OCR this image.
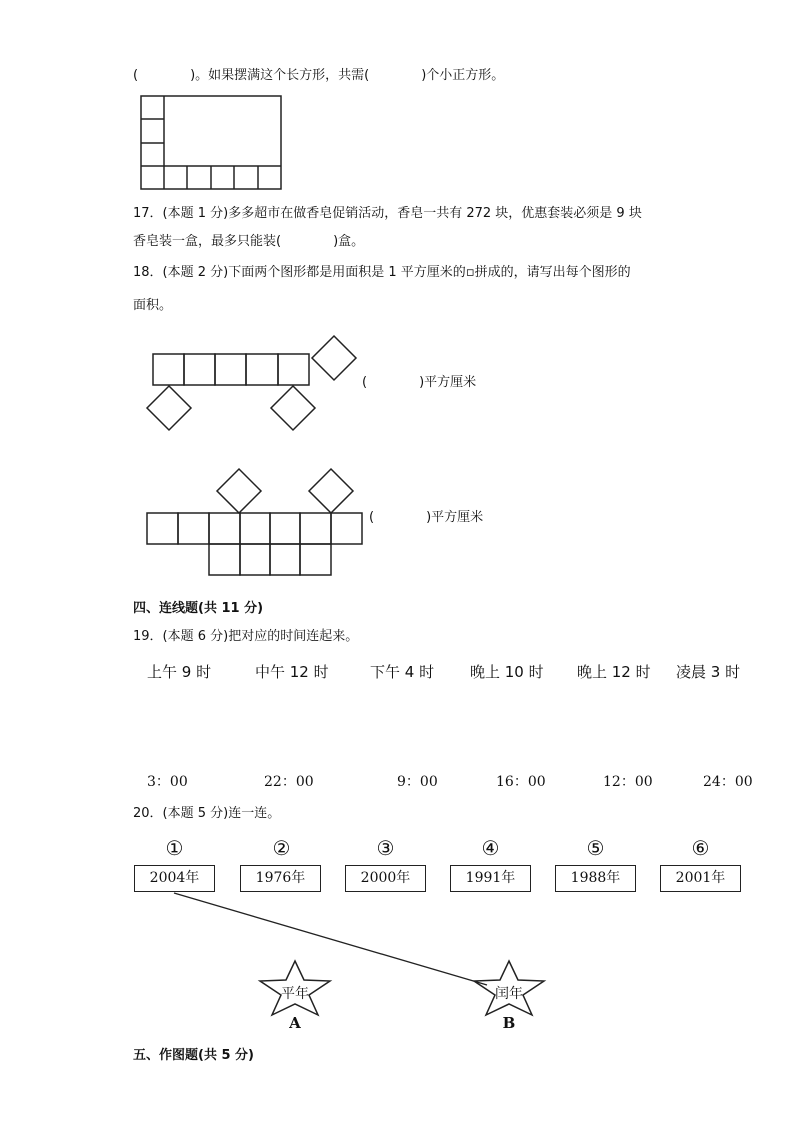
(　　　　)。如果摆满这个长方形，共需(　　　　)个小正方形。
17．(本题 1 分)多多超市在做香皂促销活动，香皂一共有 272 块，优惠套装必须是 9 块
香皂装一盒，最多只能装(　　　　)盒。
18．(本题 2 分)下面两个图形都是用面积是 1 平方厘米的▫拼成的，请写出每个图形的
面积。
(　　　　)平方厘米
(　　　　)平方厘米
四、连线题(共 11 分)
19．(本题 6 分)把对应的时间连起来。
上午 9 时	中午 12 时	下午 4 时 晚上 10 时 晚上 12 时 凌晨 3 时
3：00	22：00	9：00	16：00	12：00	24：00
20．(本题 5 分)连一连。
①	②	③	④	⑤	⑥
2004年	1976年	2000年	1991年	1988年	2001年
平年
A
闰年
B
五、作图题(共 5 分)
